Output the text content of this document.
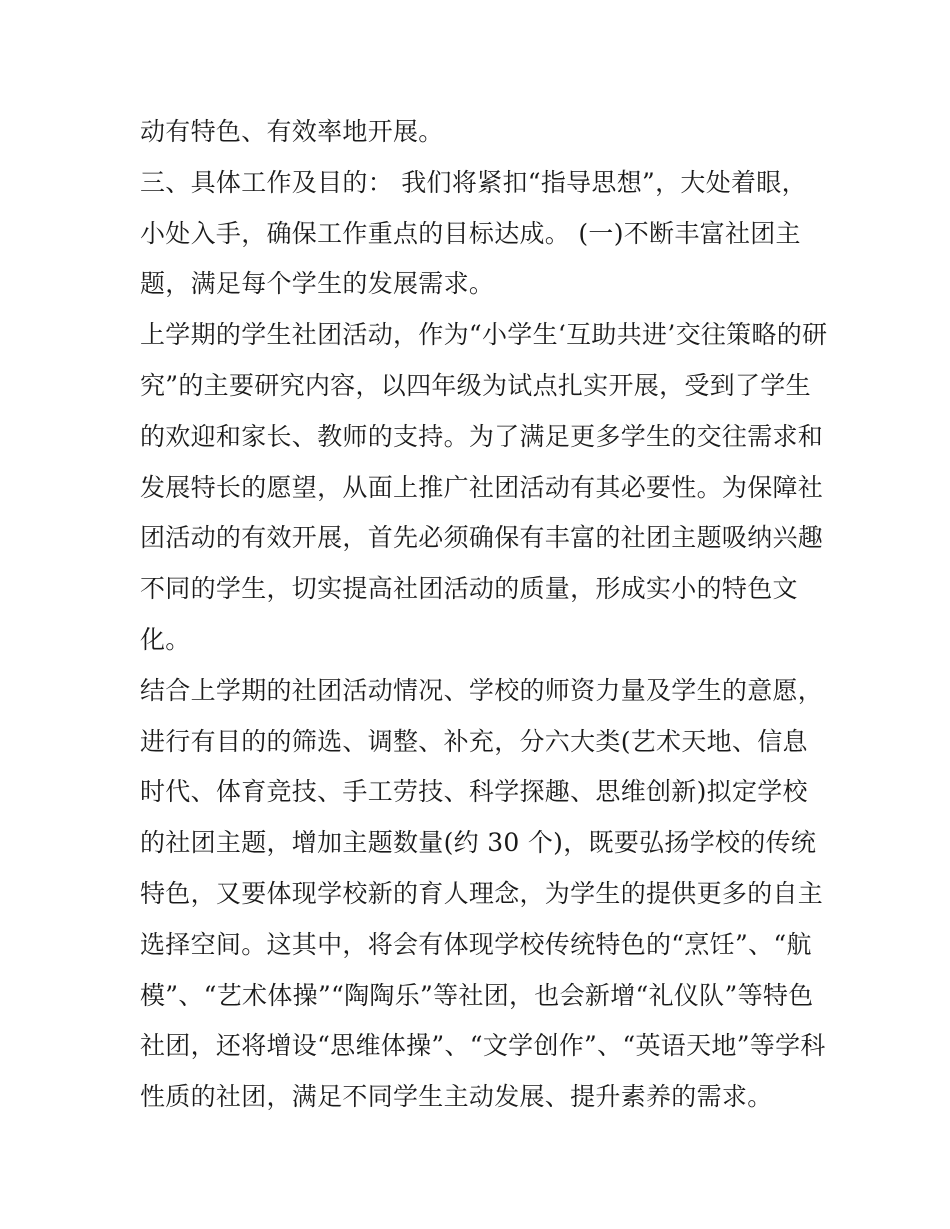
动有特色、有效率地开展。
三、具体工作及目的： 我们将紧扣“指导思想”，大处着眼，
小处入手，确保工作重点的目标达成。 (一)不断丰富社团主
题，满足每个学生的发展需求。
上学期的学生社团活动，作为“小学生‘互助共进’交往策略的研
究”的主要研究内容，以四年级为试点扎实开展，受到了学生
的欢迎和家长、教师的支持。为了满足更多学生的交往需求和
发展特长的愿望，从面上推广社团活动有其必要性。为保障社
团活动的有效开展，首先必须确保有丰富的社团主题吸纳兴趣
不同的学生，切实提高社团活动的质量，形成实小的特色文
化。
结合上学期的社团活动情况、学校的师资力量及学生的意愿，
进行有目的的筛选、调整、补充，分六大类(艺术天地、信息
时代、体育竞技、手工劳技、科学探趣、思维创新)拟定学校
的社团主题，增加主题数量(约 30 个)，既要弘扬学校的传统
特色，又要体现学校新的育人理念，为学生的提供更多的自主
选择空间。这其中，将会有体现学校传统特色的“烹饪”、“航
模”、“艺术体操”“陶陶乐”等社团，也会新增“礼仪队”等特色
社团，还将增设“思维体操”、“文学创作”、“英语天地”等学科
性质的社团，满足不同学生主动发展、提升素养的需求。
